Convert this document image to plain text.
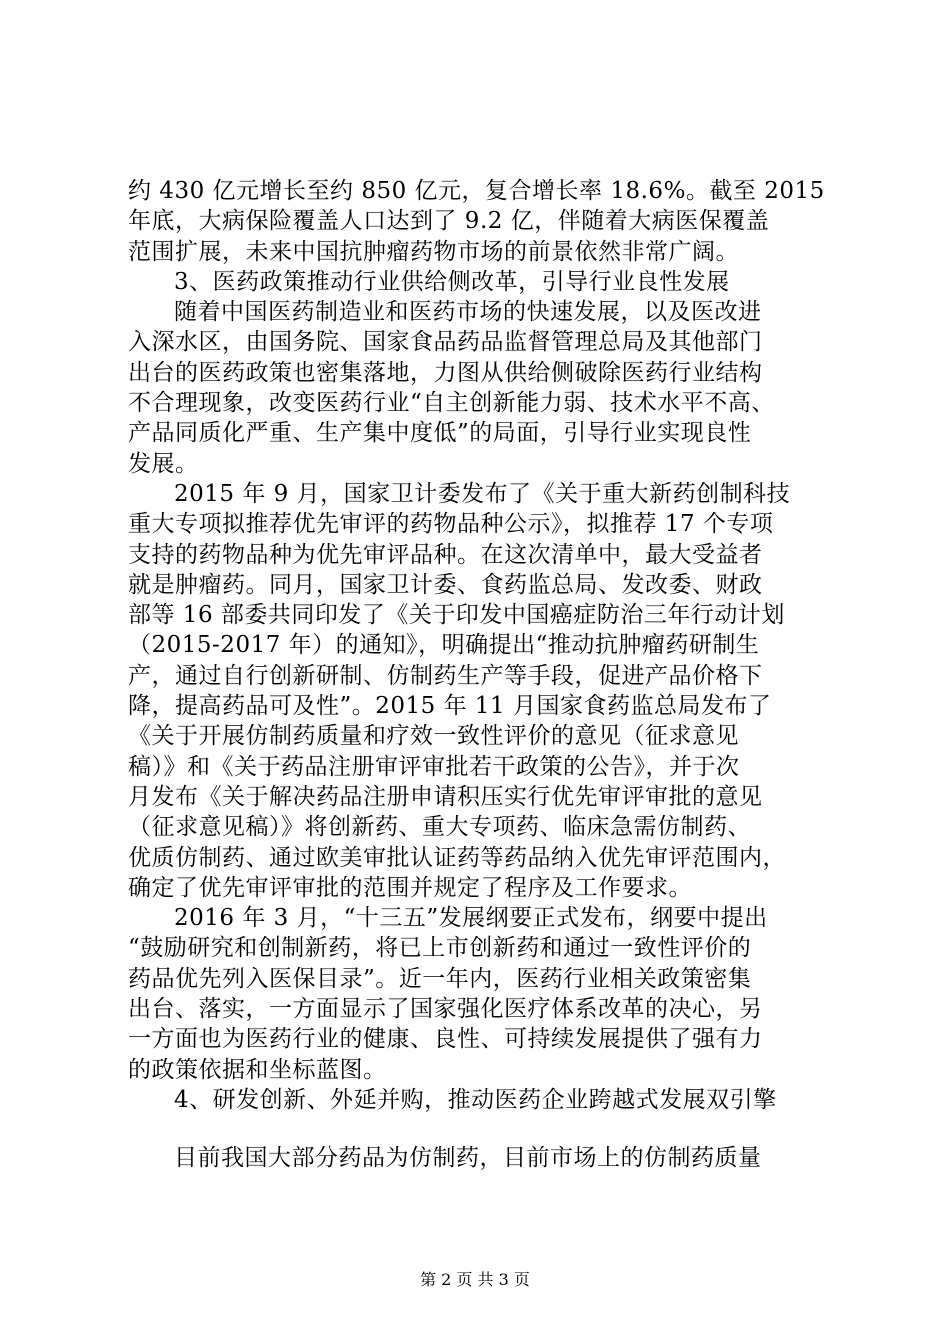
约 430 亿元增长至约 850 亿元，复合增长率 18.6%。截至 2015
年底，大病保险覆盖人口达到了 9.2 亿，伴随着大病医保覆盖
范围扩展，未来中国抗肿瘤药物市场的前景依然非常广阔。
3、医药政策推动行业供给侧改革，引导行业良性发展
随着中国医药制造业和医药市场的快速发展，以及医改进
入深水区，由国务院、国家食品药品监督管理总局及其他部门
出台的医药政策也密集落地，力图从供给侧破除医药行业结构
不合理现象，改变医药行业“自主创新能力弱、技术水平不高、
产品同质化严重、生产集中度低”的局面，引导行业实现良性
发展。
2015 年 9 月，国家卫计委发布了《关于重大新药创制科技
重大专项拟推荐优先审评的药物品种公示》，拟推荐 17 个专项
支持的药物品种为优先审评品种。在这次清单中，最大受益者
就是肿瘤药。同月，国家卫计委、食药监总局、发改委、财政
部等 16 部委共同印发了《关于印发中国癌症防治三年行动计划
（2015-2017 年）的通知》，明确提出“推动抗肿瘤药研制生
产，通过自行创新研制、仿制药生产等手段，促进产品价格下
降，提高药品可及性”。2015 年 11 月国家食药监总局发布了
《关于开展仿制药质量和疗效一致性评价的意见（征求意见
稿）》和《关于药品注册审评审批若干政策的公告》，并于次
月发布《关于解决药品注册申请积压实行优先审评审批的意见
（征求意见稿）》将创新药、重大专项药、临床急需仿制药、
优质仿制药、通过欧美审批认证药等药品纳入优先审评范围内，
确定了优先审评审批的范围并规定了程序及工作要求。
2016 年 3 月，“十三五”发展纲要正式发布，纲要中提出
“鼓励研究和创制新药，将已上市创新药和通过一致性评价的
药品优先列入医保目录”。近一年内，医药行业相关政策密集
出台、落实，一方面显示了国家强化医疗体系改革的决心，另
一方面也为医药行业的健康、良性、可持续发展提供了强有力
的政策依据和坐标蓝图。
4、研发创新、外延并购，推动医药企业跨越式发展双引擎
目前我国大部分药品为仿制药，目前市场上的仿制药质量
第 2 页 共 3 页
